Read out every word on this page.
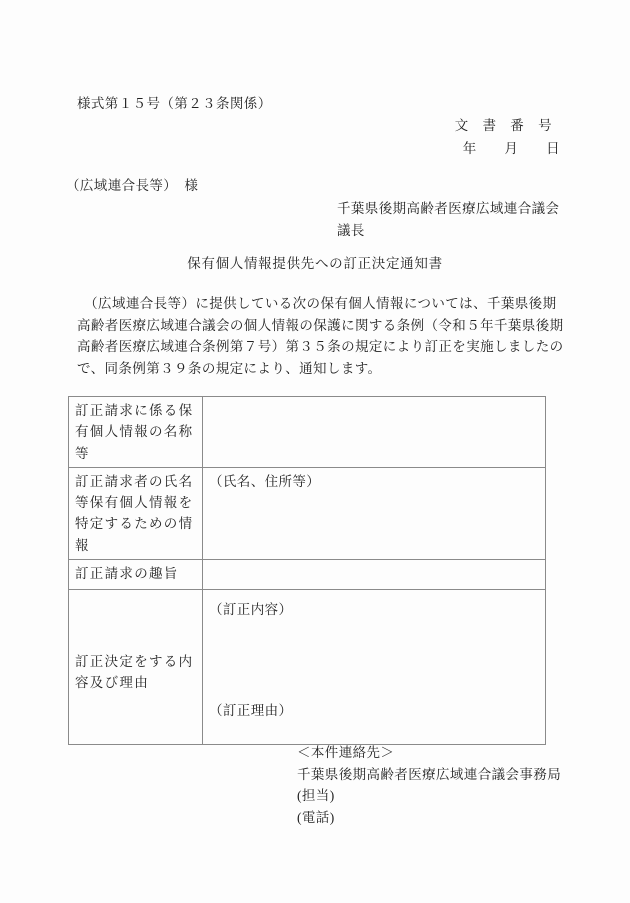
様式第１５号（第２３条関係）
文　書　番　号
年　　月　　日
（広域連合長等）　様
千葉県後期高齢者医療広域連合議会
議長
保有個人情報提供先への訂正決定通知書
　（広域連合長等）に提供している次の保有個人情報については、千葉県後期
高齢者医療広域連合議会の個人情報の保護に関する条例（令和５年千葉県後期
高齢者医療広域連合条例第７号）第３５条の規定により訂正を実施しましたの
で、同条例第３９条の規定により、通知します。
訂正請求に係る保有個人情報の名称等	
訂正請求者の氏名等保有個人情報を特定するための情報	（氏名、住所等）
訂正請求の趣旨	
訂正決定をする内容及び理由	（訂正内容）
（訂正理由）
＜本件連絡先＞
千葉県後期高齢者医療広域連合議会事務局
(担当)
(電話)
